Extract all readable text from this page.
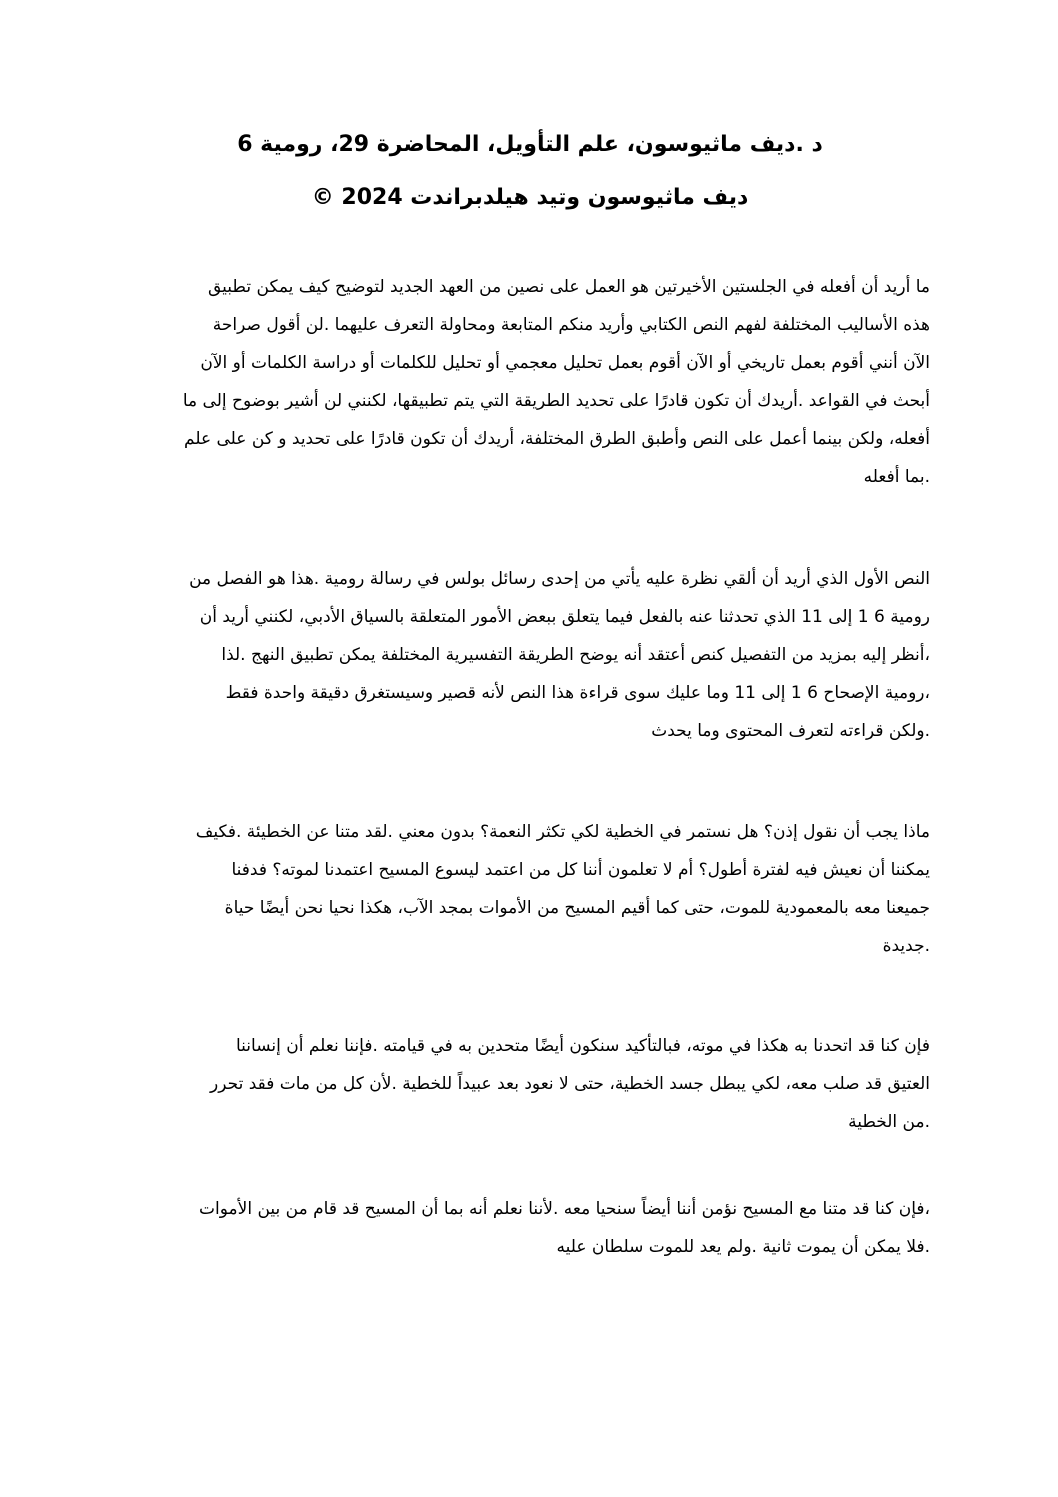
د .ديف ماثيوسون، علم التأويل، المحاضرة 29، رومية 6
ديف ماثيوسون وتيد هيلدبراندت 2024 ©
ما أريد أن أفعله في الجلستين الأخيرتين هو العمل على نصين من العهد الجديد لتوضيح كيف يمكن تطبيق
هذه الأساليب المختلفة لفهم النص الكتابي وأريد منكم المتابعة ومحاولة التعرف عليهما .لن أقول صراحة
الآن أنني أقوم بعمل تاريخي أو الآن أقوم بعمل تحليل معجمي أو تحليل للكلمات أو دراسة الكلمات أو الآن
أبحث في القواعد .أريدك أن تكون قادرًا على تحديد الطريقة التي يتم تطبيقها، لكنني لن أشير بوضوح إلى ما
أفعله، ولكن بينما أعمل على النص وأطبق الطرق المختلفة، أريدك أن تكون قادرًا على تحديد و كن على علم
.بما أفعله
النص الأول الذي أريد أن ألقي نظرة عليه يأتي من إحدى رسائل بولس في رسالة رومية .هذا هو الفصل من
رومية 6 1 إلى 11 الذي تحدثنا عنه بالفعل فيما يتعلق ببعض الأمور المتعلقة بالسياق الأدبي، لكنني أريد أن
،أنظر إليه بمزيد من التفصيل كنص أعتقد أنه يوضح الطريقة التفسيرية المختلفة يمكن تطبيق النهج .لذا
،رومية الإصحاح 6 1 إلى 11 وما عليك سوى قراءة هذا النص لأنه قصير وسيستغرق دقيقة واحدة فقط
.ولكن قراءته لتعرف المحتوى وما يحدث
ماذا يجب أن نقول إذن؟ هل نستمر في الخطية لكي تكثر النعمة؟ بدون معني .لقد متنا عن الخطيئة .فكيف
يمكننا أن نعيش فيه لفترة أطول؟ أم لا تعلمون أننا كل من اعتمد ليسوع المسيح اعتمدنا لموته؟ فدفنا
جميعنا معه بالمعمودية للموت، حتى كما أقيم المسيح من الأموات بمجد الآب، هكذا نحيا نحن أيضًا حياة
.جديدة
فإن كنا قد اتحدنا به هكذا في موته، فبالتأكيد سنكون أيضًا متحدين به في قيامته .فإننا نعلم أن إنساننا
العتيق قد صلب معه، لكي يبطل جسد الخطية، حتى لا نعود بعد عبيداً للخطية .لأن كل من مات فقد تحرر
.من الخطية
،فإن كنا قد متنا مع المسيح نؤمن أننا أيضاً سنحيا معه .لأننا نعلم أنه بما أن المسيح قد قام من بين الأموات
.فلا يمكن أن يموت ثانية .ولم يعد للموت سلطان عليه
